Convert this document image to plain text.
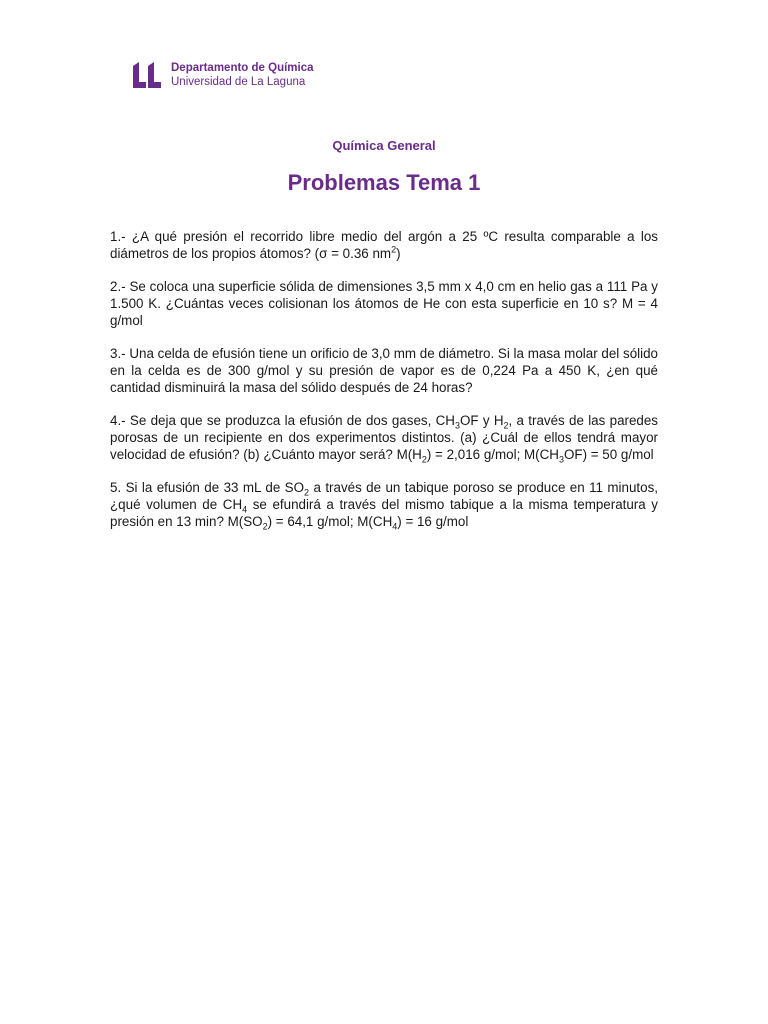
Departamento de Química
Universidad de La Laguna
Química General
Problemas Tema 1

1.- ¿A qué presión el recorrido libre medio del argón a 25 ºC resulta comparable a los diámetros de los propios átomos? (σ = 0.36 $nm^2$)

2.- Se coloca una superficie sólida de dimensiones 3,5 mm x 4,0 cm en helio gas a 111 Pa y 1.500 K. ¿Cuántas veces colisionan los átomos de He con esta superficie en 10 s? M = 4 g/mol

3.- Una celda de efusión tiene un orificio de 3,0 mm de diámetro. Si la masa molar del sólido en la celda es de 300 g/mol y su presión de vapor es de 0,224 Pa a 450 K, ¿en qué cantidad disminuirá la masa del sólido después de 24 horas?

4.- Se deja que se produzca la efusión de dos gases, $CH_3OF$ y $H_2$, a través de las paredes porosas de un recipiente en dos experimentos distintos. (a) ¿Cuál de ellos tendrá mayor velocidad de efusión? (b) ¿Cuánto mayor será? $M(H_2) = 2,016$ g/mol; $M(CH_3OF) = 50$ g/mol

5. Si la efusión de 33 mL de $SO_2$ a través de un tabique poroso se produce en 11 minutos, ¿qué volumen de $CH_4$ se efundirá a través del mismo tabique a la misma temperatura y presión en 13 min? $M(SO_2) = 64,1$ g/mol; $M(CH_4) = 16$ g/mol
